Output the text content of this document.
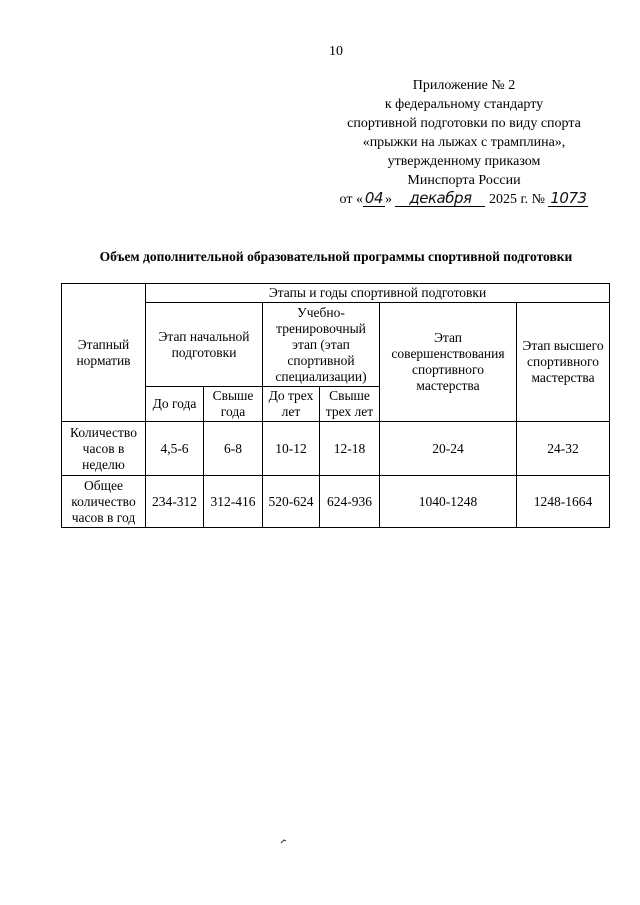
10
Приложение № 2
к федеральному стандарту
спортивной подготовки по виду спорта
«прыжки на лыжах с трамплина»,
утвержденному приказом
Минспорта России
от « 04 » декабря 2025 г. № 1073
Объем дополнительной образовательной программы спортивной подготовки
Этапный норматив	Этапы и годы спортивной подготовки					
	Этап начальной подготовки		Учебно-тренировочный этап (этап спортивной специализации)		Этап совершенствования спортивного мастерства	Этап высшего спортивного мастерства
	До года	Свыше года	До трех лет	Свыше трех лет		
Количество часов в неделю	4,5-6	6-8	10-12	12-18	20-24	24-32
Общее количество часов в год	234-312	312-416	520-624	624-936	1040-1248	1248-1664
